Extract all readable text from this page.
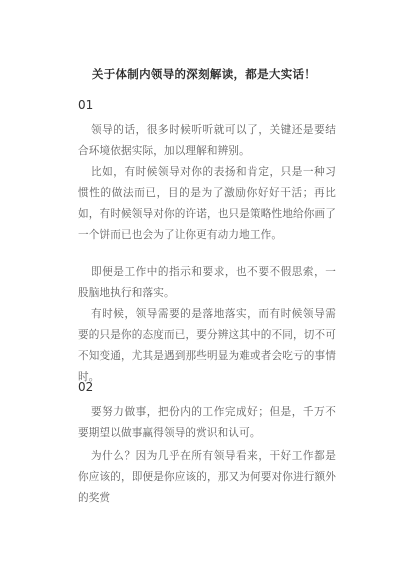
关于体制内领导的深刻解读，都是大实话！
01
领导的话，很多时候听听就可以了，关键还是要结合环境依据实际，加以理解和辨别。
比如，有时候领导对你的表扬和肯定，只是一种习惯性的做法而已，目的是为了激励你好好干活；再比如，有时候领导对你的许诺，也只是策略性地给你画了一个饼而已也会为了让你更有动力地工作。
即便是工作中的指示和要求，也不要不假思索，一股脑地执行和落实。
有时候，领导需要的是落地落实，而有时候领导需要的只是你的态度而已，要分辨这其中的不同，切不可不知变通，尤其是遇到那些明显为难或者会吃亏的事情时。
02
要努力做事，把份内的工作完成好；但是，千万不要期望以做事赢得领导的赏识和认可。
为什么？因为几乎在所有领导看来，干好工作都是你应该的，即便是你应该的，那又为何要对你进行额外的奖赏
